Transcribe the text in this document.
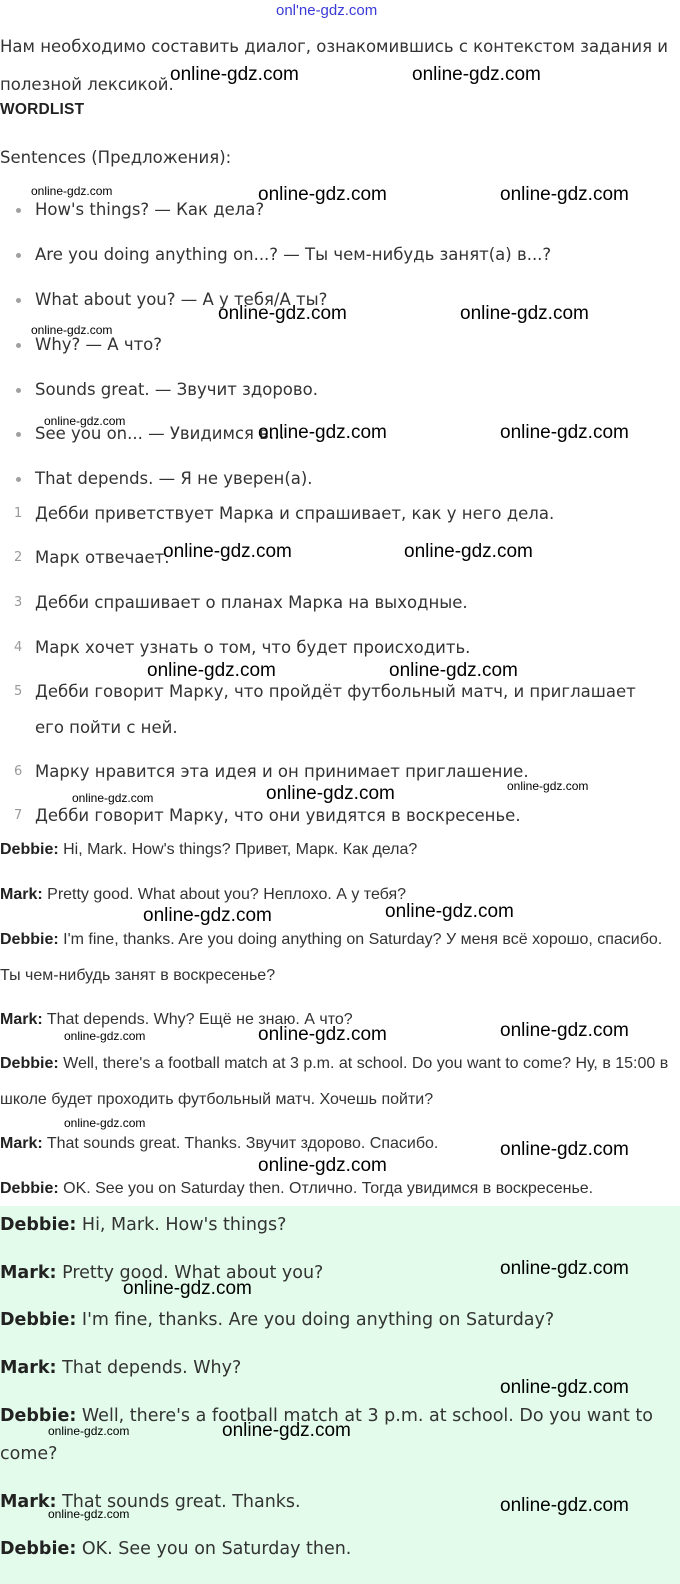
onl'ne-gdz.com
Нам необходимо составить диалог, ознакомившись с контекстом задания и полезной лексикой.
WORDLIST
Sentences (Предложения):
How's things? — Как дела?
Are you doing anything on...? — Ты чем-нибудь занят(а) в...?
What about you? — А у тебя/А ты?
Why? — А что?
Sounds great. — Звучит здорово.
See you on... — Увидимся в...
That depends. — Я не уверен(а).
1 Дебби приветствует Марка и спрашивает, как у него дела.
2 Марк отвечает.
3 Дебби спрашивает о планах Марка на выходные.
4 Марк хочет узнать о том, что будет происходить.
5 Дебби говорит Марку, что пройдёт футбольный матч, и приглашает его пойти с ней.
6 Марку нравится эта идея и он принимает приглашение.
7 Дебби говорит Марку, что они увидятся в воскресенье.
Debbie: Hi, Mark. How's things? Привет, Марк. Как дела?
Mark: Pretty good. What about you? Неплохо. А у тебя?
Debbie: I'm fine, thanks. Are you doing anything on Saturday? У меня всё хорошо, спасибо. Ты чем-нибудь занят в воскресенье?
Mark: That depends. Why? Ещё не знаю. А что?
Debbie: Well, there's a football match at 3 p.m. at school. Do you want to come? Ну, в 15:00 в школе будет проходить футбольный матч. Хочешь пойти?
Mark: That sounds great. Thanks. Звучит здорово. Спасибо.
Debbie: OK. See you on Saturday then. Отлично. Тогда увидимся в воскресенье.
Debbie: Hi, Mark. How's things?
Mark: Pretty good. What about you?
Debbie: I'm fine, thanks. Are you doing anything on Saturday?
Mark: That depends. Why?
Debbie: Well, there's a football match at 3 p.m. at school. Do you want to come?
Mark: That sounds great. Thanks.
Debbie: OK. See you on Saturday then.
online-gdz.com	online-gdz.com
online-gdz.com	online-gdz.com	online-gdz.com
online-gdz.com	online-gdz.com
online-gdz.com
online-gdz.com
online-gdz.com	online-gdz.com
online-gdz.com	online-gdz.com
online-gdz.com	online-gdz.com
online-gdz.com
online-gdz.com
online-gdz.com
online-gdz.com
online-gdz.com
online-gdz.com
online-gdz.com
online-gdz.com
online-gdz.com
online-gdz.com
online-gdz.com
online-gdz.com
online-gdz.com
online-gdz.com
online-gdz.com
online-gdz.com
online-gdz.com
online-gdz.com
